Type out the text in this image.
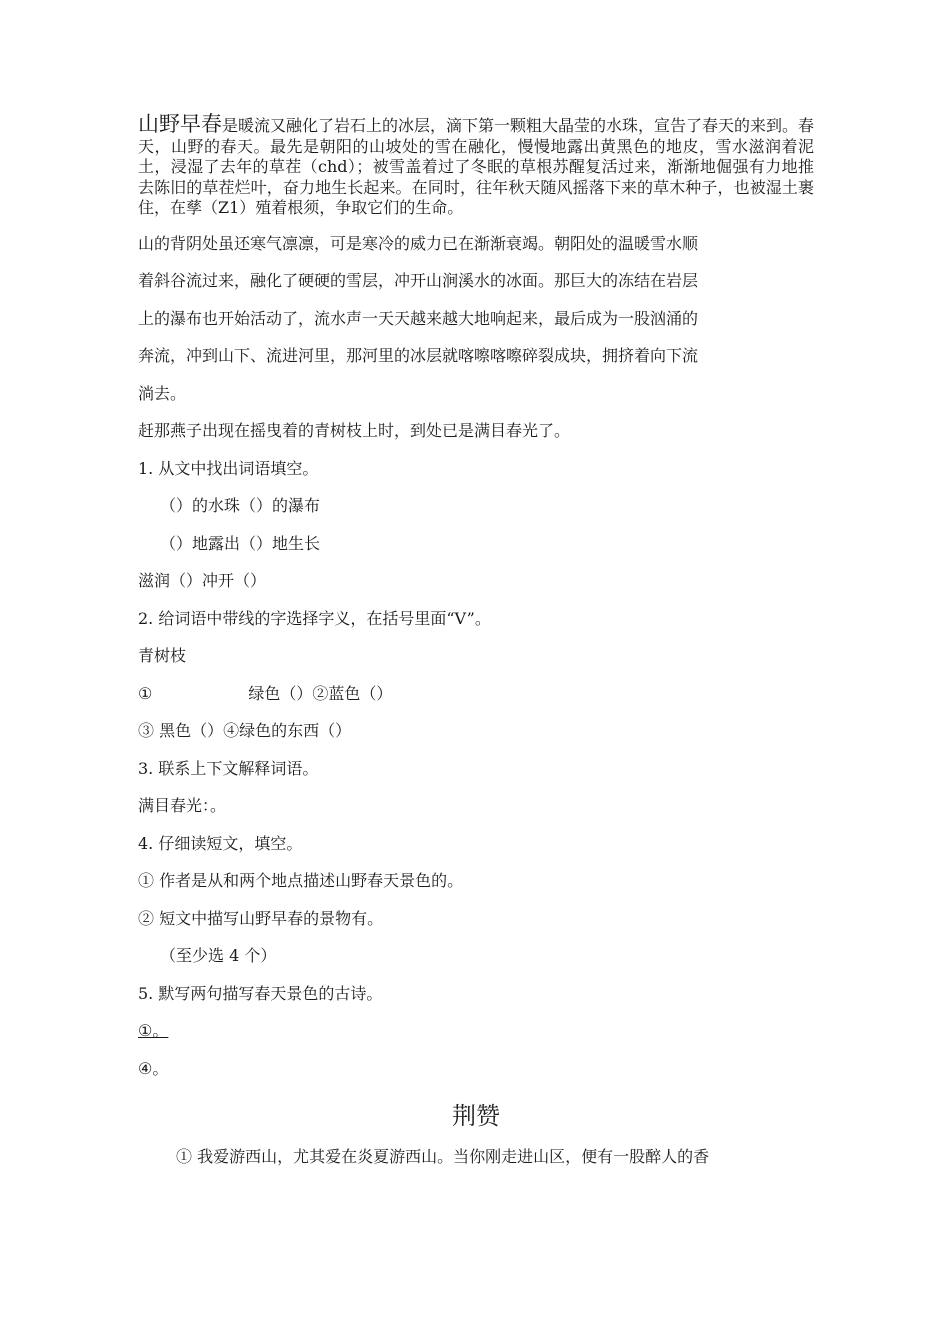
山野早春是暖流又融化了岩石上的冰层，滴下第一颗粗大晶莹的水珠，宣告了春天的来到。春天，山野的春天。最先是朝阳的山坡处的雪在融化，慢慢地露出黄黑色的地皮，雪水滋润着泥土，浸湿了去年的草茬（chd）；被雪盖着过了冬眠的草根苏醒复活过来，渐渐地倔强有力地推去陈旧的草茬烂叶，奋力地生长起来。在同时，往年秋天随风摇落下来的草木种子，也被湿土裹住，在孳（Z1）殖着根须，争取它们的生命。

山的背阴处虽还寒气凛凛，可是寒冷的威力已在渐渐衰竭。朝阳处的温暖雪水顺
着斜谷流过来，融化了硬硬的雪层，冲开山涧溪水的冰面。那巨大的冻结在岩层
上的瀑布也开始活动了，流水声一天天越来越大地响起来，最后成为一股汹涌的
奔流，冲到山下、流进河里，那河里的冰层就喀嚓喀嚓碎裂成块，拥挤着向下流
淌去。
赶那燕子出现在摇曳着的青树枝上时，到处已是满目春光了。
1. 从文中找出词语填空。
（）的水珠（）的瀑布
（）地露出（）地生长
滋润（）冲开（）
2. 给词语中带线的字选择字义，在括号里面“V”。
青树枝
①	绿色（）②蓝色（）
③ 黑色（）④绿色的东西（）
3. 联系上下文解释词语。
满目春光：。
4. 仔细读短文，填空。
① 作者是从和两个地点描述山野春天景色的。
② 短文中描写山野早春的景物有。
（至少选 4 个）
5. 默写两句描写春天景色的古诗。
①。
④。
荆赞
① 我爱游西山，尤其爱在炎夏游西山。当你刚走进山区，便有一股醉人的香
